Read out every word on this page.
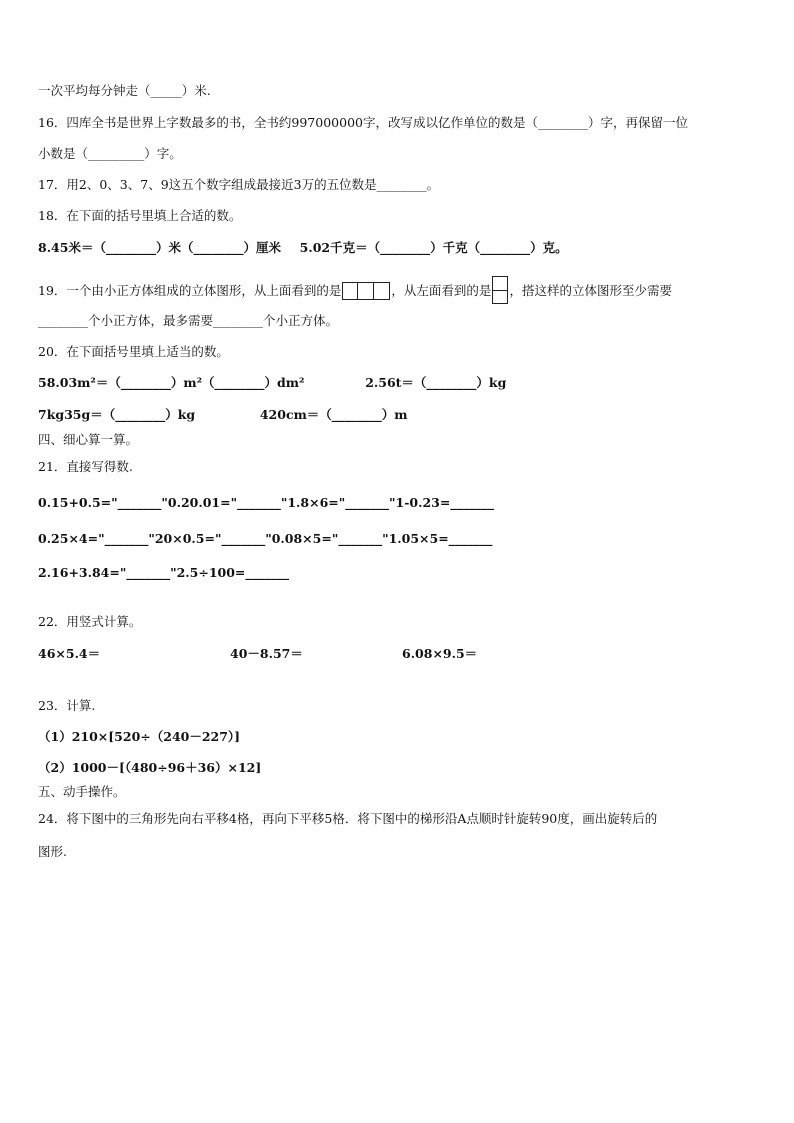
一次平均每分钟走（_____）米.
16．四库全书是世界上字数最多的书，全书约997000000字，改写成以亿作单位的数是（________）字，再保留一位
小数是（_________）字。
17．用2、0、3、7、9这五个数字组成最接近3万的五位数是________。
18．在下面的括号里填上合适的数。
8.45米＝（________）米（________）厘米 5.02千克＝（________）千克（________）克。
19．一个由小正方体组成的立体图形，从上面看到的是	，从左面看到的是 ，搭这样的立体图形至少需要
________个小正方体，最多需要________个小正方体。
20．在下面括号里填上适当的数。
58.03m²＝（________）m²（________）dm²	2.56t＝（________）kg
7kg35g＝（________）kg	420cm＝（________）m
四、细心算一算。
21．直接写得数.
0.15+0.5="_______"0.20.01="_______"1.8×6="_______"1-0.23=_______
0.25×4="_______"20×0.5="_______"0.08×5="_______"1.05×5=_______
2.16+3.84="_______"2.5÷100=_______
22．用竖式计算。
46×5.4＝	40－8.57＝	6.08×9.5＝
23．计算.
（1）210×[520÷（240－227）]
（2）1000－[（480÷96＋36）×12]
五、动手操作。
24．将下图中的三角形先向右平移4格，再向下平移5格．将下图中的梯形沿A点顺时针旋转90度，画出旋转后的
图形.
